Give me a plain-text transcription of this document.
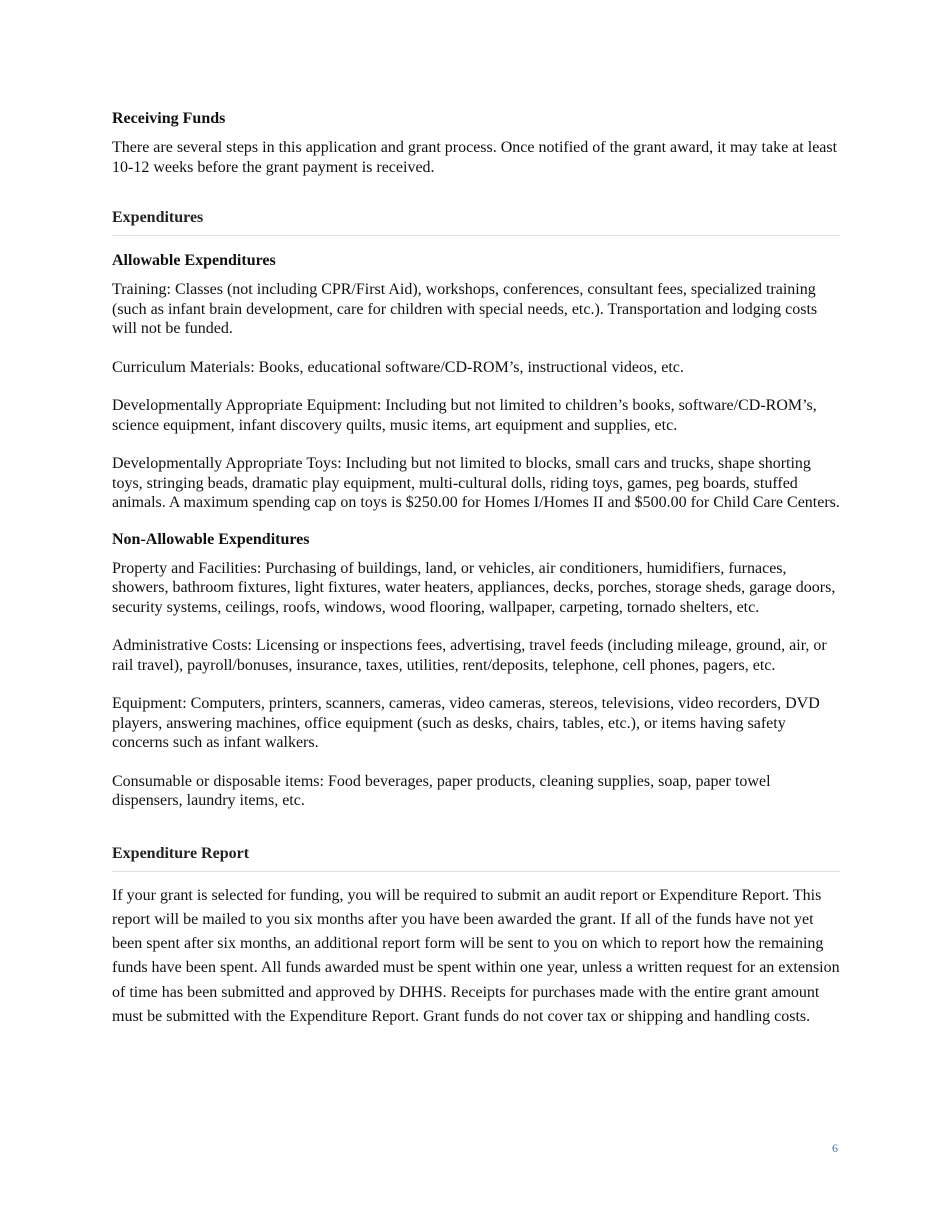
Receiving Funds

There are several steps in this application and grant process. Once notified of the grant award, it may take at least 10-12 weeks before the grant payment is received.

Expenditures
Allowable Expenditures

Training: Classes (not including CPR/First Aid), workshops, conferences, consultant fees, specialized training (such as infant brain development, care for children with special needs, etc.). Transportation and lodging costs will not be funded.

Curriculum Materials: Books, educational software/CD-ROM’s, instructional videos, etc.

Developmentally Appropriate Equipment: Including but not limited to children’s books, software/CD-ROM’s, science equipment, infant discovery quilts, music items, art equipment and supplies, etc.

Developmentally Appropriate Toys: Including but not limited to blocks, small cars and trucks, shape shorting toys, stringing beads, dramatic play equipment, multi-cultural dolls, riding toys, games, peg boards, stuffed animals. A maximum spending cap on toys is $250.00 for Homes I/Homes II and $500.00 for Child Care Centers.

Non-Allowable Expenditures

Property and Facilities: Purchasing of buildings, land, or vehicles, air conditioners, humidifiers, furnaces, showers, bathroom fixtures, light fixtures, water heaters, appliances, decks, porches, storage sheds, garage doors, security systems, ceilings, roofs, windows, wood flooring, wallpaper, carpeting, tornado shelters, etc.

Administrative Costs: Licensing or inspections fees, advertising, travel feeds (including mileage, ground, air, or rail travel), payroll/bonuses, insurance, taxes, utilities, rent/deposits, telephone, cell phones, pagers, etc.

Equipment: Computers, printers, scanners, cameras, video cameras, stereos, televisions, video recorders, DVD players, answering machines, office equipment (such as desks, chairs, tables, etc.), or items having safety concerns such as infant walkers.

Consumable or disposable items: Food beverages, paper products, cleaning supplies, soap, paper towel dispensers, laundry items, etc.

Expenditure Report

If your grant is selected for funding, you will be required to submit an audit report or Expenditure Report. This report will be mailed to you six months after you have been awarded the grant. If all of the funds have not yet been spent after six months, an additional report form will be sent to you on which to report how the remaining funds have been spent. All funds awarded must be spent within one year, unless a written request for an extension of time has been submitted and approved by DHHS. Receipts for purchases made with the entire grant amount must be submitted with the Expenditure Report. Grant funds do not cover tax or shipping and handling costs.

6
